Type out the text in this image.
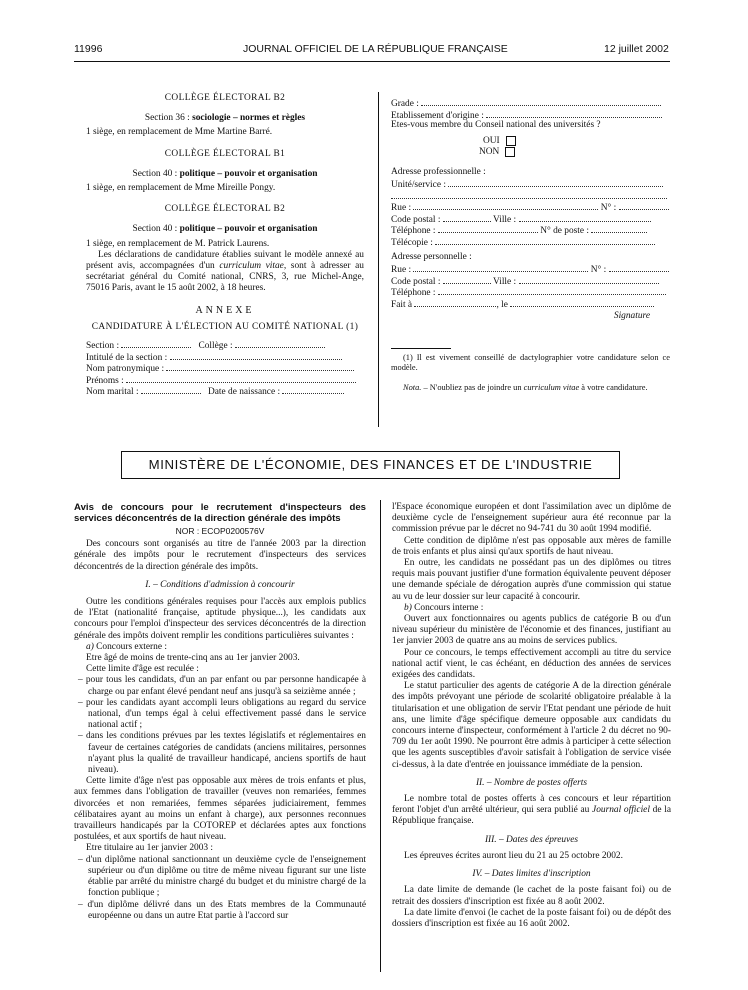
11996	JOURNAL OFFICIEL DE LA RÉPUBLIQUE FRANÇAISE	12 juillet 2002

COLLÈGE ÉLECTORAL B2

Section 36 : sociologie – normes et règles

1 siège, en remplacement de Mme Martine Barré.

COLLÈGE ÉLECTORAL B1

Section 40 : politique – pouvoir et organisation

1 siège, en remplacement de Mme Mireille Pongy.

COLLÈGE ÉLECTORAL B2

Section 40 : politique – pouvoir et organisation

1 siège, en remplacement de M. Patrick Laurens.

Les déclarations de candidature établies suivant le modèle annexé au présent avis, accompagnées d'un curriculum vitae, sont à adresser au secrétariat général du Comité national, CNRS, 3, rue Michel-Ange, 75016 Paris, avant le 15 août 2002, à 18 heures.

ANNEXE

CANDIDATURE À L'ÉLECTION AU COMITÉ NATIONAL (1)

Section :	Collège :
Intitulé de la section :
Nom patronymique :
Prénoms :
Nom marital :	Date de naissance :
Grade :
Etablissement d'origine :
Etes-vous membre du Conseil national des universités ?
OUI
NON
Adresse professionnelle :
Unité/service :
Rue :	N° :
Code postal :	Ville :
Téléphone :	N° de poste :
Télécopie :
Adresse personnelle :
Rue :	N° :
Code postal :	Ville :
Téléphone :
Fait à	, le
Signature

(1) Il est vivement conseillé de dactylographier votre candidature selon ce modèle.

Nota. – N'oubliez pas de joindre un curriculum vitae à votre candidature.

MINISTÈRE DE L'ÉCONOMIE, DES FINANCES ET DE L'INDUSTRIE

Avis de concours pour le recrutement d'inspecteurs des services déconcentrés de la direction générale des impôts

NOR : ECOP0200576V

Des concours sont organisés au titre de l'année 2003 par la direction générale des impôts pour le recrutement d'inspecteurs des services déconcentrés de la direction générale des impôts.

I. – Conditions d'admission à concourir

Outre les conditions générales requises pour l'accès aux emplois publics de l'Etat (nationalité française, aptitude physique...), les candidats aux concours pour l'emploi d'inspecteur des services déconcentrés de la direction générale des impôts doivent remplir les conditions particulières suivantes :

a) Concours externe :

Etre âgé de moins de trente-cinq ans au 1er janvier 2003.

Cette limite d'âge est reculée :

– pour tous les candidats, d'un an par enfant ou par personne handicapée à charge ou par enfant élevé pendant neuf ans jusqu'à sa seizième année ;

– pour les candidats ayant accompli leurs obligations au regard du service national, d'un temps égal à celui effectivement passé dans le service national actif ;

– dans les conditions prévues par les textes législatifs et réglementaires en faveur de certaines catégories de candidats (anciens militaires, personnes n'ayant plus la qualité de travailleur handicapé, anciens sportifs de haut niveau).

Cette limite d'âge n'est pas opposable aux mères de trois enfants et plus, aux femmes dans l'obligation de travailler (veuves non remariées, femmes divorcées et non remariées, femmes séparées judiciairement, femmes célibataires ayant au moins un enfant à charge), aux personnes reconnues travailleurs handicapés par la COTOREP et déclarées aptes aux fonctions postulées, et aux sportifs de haut niveau.

Etre titulaire au 1er janvier 2003 :

– d'un diplôme national sanctionnant un deuxième cycle de l'enseignement supérieur ou d'un diplôme ou titre de même niveau figurant sur une liste établie par arrêté du ministre chargé du budget et du ministre chargé de la fonction publique ;

– d'un diplôme délivré dans un des Etats membres de la Communauté européenne ou dans un autre Etat partie à l'accord sur

l'Espace économique européen et dont l'assimilation avec un diplôme de deuxième cycle de l'enseignement supérieur aura été reconnue par la commission prévue par le décret no 94-741 du 30 août 1994 modifié.

Cette condition de diplôme n'est pas opposable aux mères de famille de trois enfants et plus ainsi qu'aux sportifs de haut niveau.

En outre, les candidats ne possédant pas un des diplômes ou titres requis mais pouvant justifier d'une formation équivalente peuvent déposer une demande spéciale de dérogation auprès d'une commission qui statue au vu de leur dossier sur leur capacité à concourir.

b) Concours interne :

Ouvert aux fonctionnaires ou agents publics de catégorie B ou d'un niveau supérieur du ministère de l'économie et des finances, justifiant au 1er janvier 2003 de quatre ans au moins de services publics.

Pour ce concours, le temps effectivement accompli au titre du service national actif vient, le cas échéant, en déduction des années de services exigées des candidats.

Le statut particulier des agents de catégorie A de la direction générale des impôts prévoyant une période de scolarité obligatoire préalable à la titularisation et une obligation de servir l'Etat pendant une période de huit ans, une limite d'âge spécifique demeure opposable aux candidats du concours interne d'inspecteur, conformément à l'article 2 du décret no 90-709 du 1er août 1990. Ne pourront être admis à participer à cette sélection que les agents susceptibles d'avoir satisfait à l'obligation de service visée ci-dessus, à la date d'entrée en jouissance immédiate de la pension.

II. – Nombre de postes offerts

Le nombre total de postes offerts à ces concours et leur répartition feront l'objet d'un arrêté ultérieur, qui sera publié au Journal officiel de la République française.

III. – Dates des épreuves

Les épreuves écrites auront lieu du 21 au 25 octobre 2002.

IV. – Dates limites d'inscription

La date limite de demande (le cachet de la poste faisant foi) ou de retrait des dossiers d'inscription est fixée au 8 août 2002.

La date limite d'envoi (le cachet de la poste faisant foi) ou de dépôt des dossiers d'inscription est fixée au 16 août 2002.
